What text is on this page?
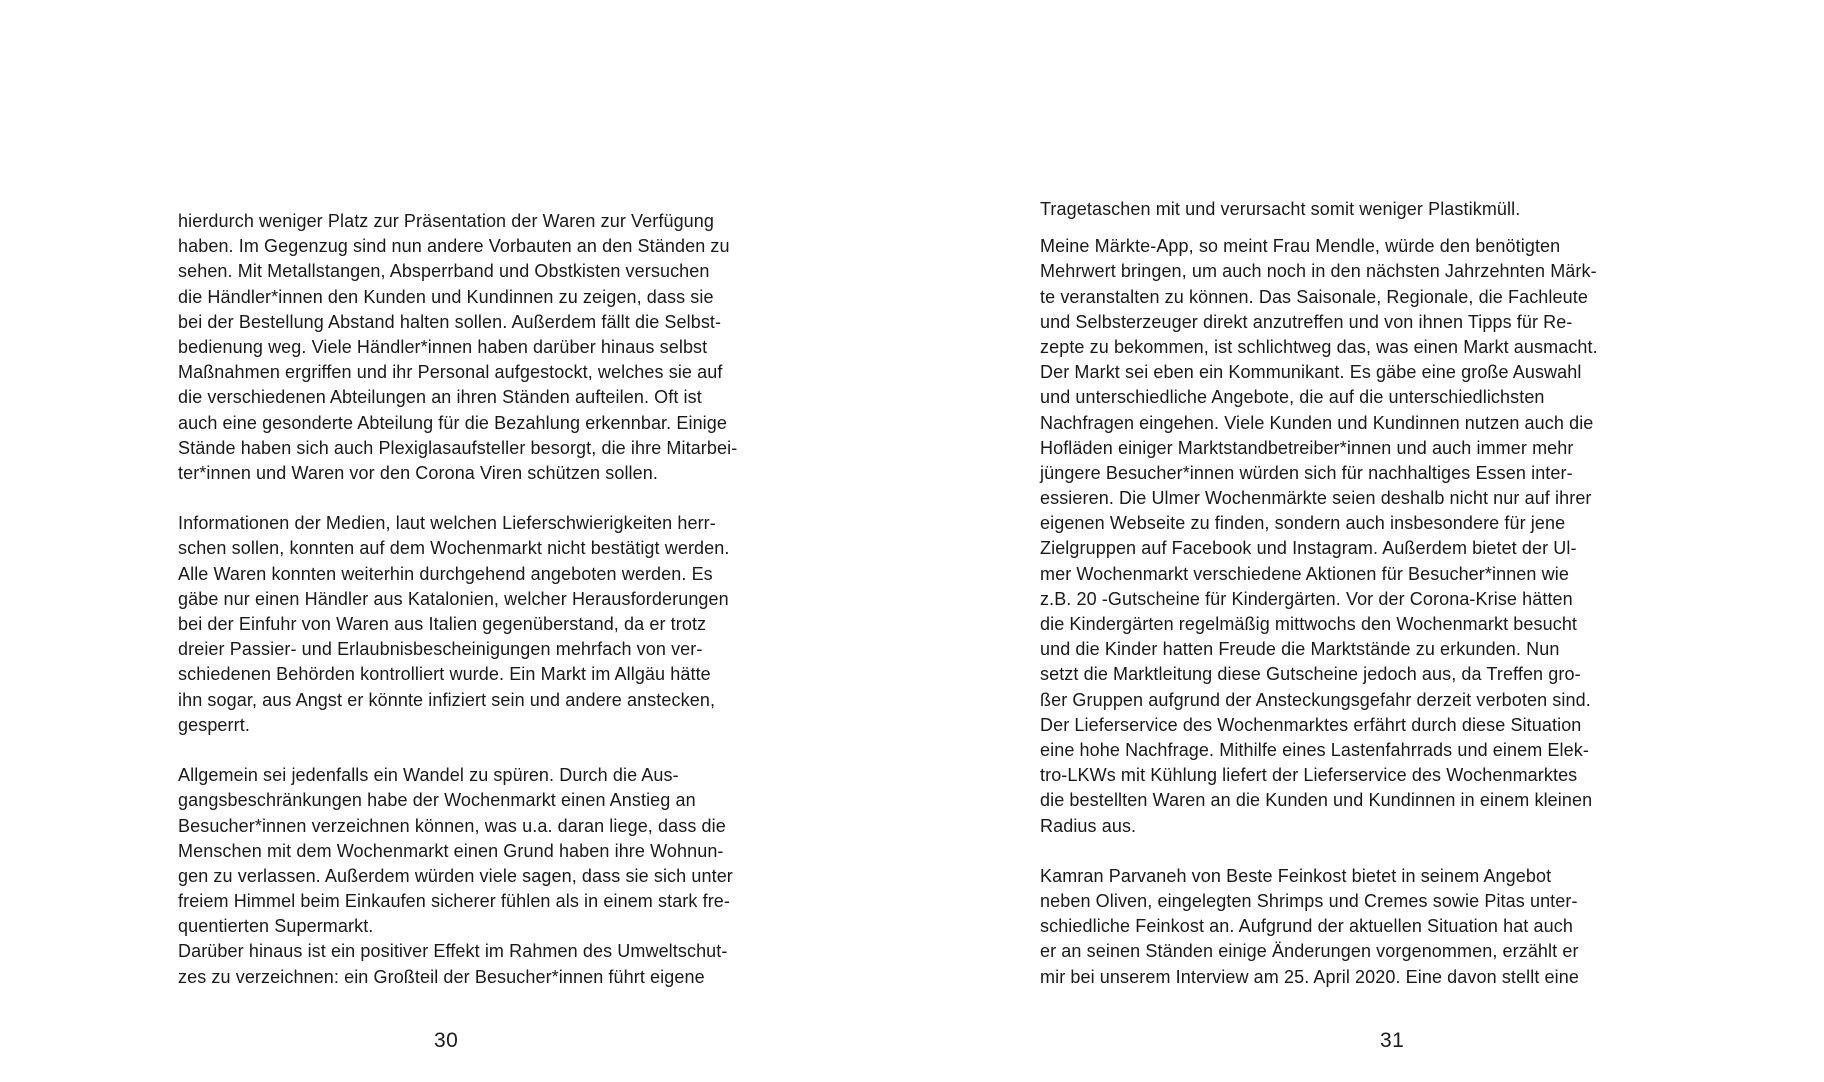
hierdurch weniger Platz zur Präsentation der Waren zur Verfügung
haben. Im Gegenzug sind nun andere Vorbauten an den Ständen zu
sehen. Mit Metallstangen, Absperrband und Obstkisten versuchen
die Händler*innen den Kunden und Kundinnen zu zeigen, dass sie
bei der Bestellung Abstand halten sollen. Außerdem fällt die Selbst-
bedienung weg. Viele Händler*innen haben darüber hinaus selbst
Maßnahmen ergriffen und ihr Personal aufgestockt, welches sie auf
die verschiedenen Abteilungen an ihren Ständen aufteilen. Oft ist
auch eine gesonderte Abteilung für die Bezahlung erkennbar. Einige
Stände haben sich auch Plexiglasaufsteller besorgt, die ihre Mitarbei-
ter*innen und Waren vor den Corona Viren schützen sollen.
Informationen der Medien, laut welchen Lieferschwierigkeiten herr-
schen sollen, konnten auf dem Wochenmarkt nicht bestätigt werden.
Alle Waren konnten weiterhin durchgehend angeboten werden. Es
gäbe nur einen Händler aus Katalonien, welcher Herausforderungen
bei der Einfuhr von Waren aus Italien gegenüberstand, da er trotz
dreier Passier- und Erlaubnisbescheinigungen mehrfach von ver-
schiedenen Behörden kontrolliert wurde. Ein Markt im Allgäu hätte
ihn sogar, aus Angst er könnte infiziert sein und andere anstecken,
gesperrt.
Allgemein sei jedenfalls ein Wandel zu spüren. Durch die Aus-
gangsbeschränkungen habe der Wochenmarkt einen Anstieg an
Besucher*innen verzeichnen können, was u.a. daran liege, dass die
Menschen mit dem Wochenmarkt einen Grund haben ihre Wohnun-
gen zu verlassen. Außerdem würden viele sagen, dass sie sich unter
freiem Himmel beim Einkaufen sicherer fühlen als in einem stark fre-
quentierten Supermarkt.
Darüber hinaus ist ein positiver Effekt im Rahmen des Umweltschut-
zes zu verzeichnen: ein Großteil der Besucher*innen führt eigene
30
Tragetaschen mit und verursacht somit weniger Plastikmüll.
Meine Märkte-App, so meint Frau Mendle, würde den benötigten
Mehrwert bringen, um auch noch in den nächsten Jahrzehnten Märk-
te veranstalten zu können. Das Saisonale, Regionale, die Fachleute
und Selbsterzeuger direkt anzutreffen und von ihnen Tipps für Re-
zepte zu bekommen, ist schlichtweg das, was einen Markt ausmacht.
Der Markt sei eben ein Kommunikant. Es gäbe eine große Auswahl
und unterschiedliche Angebote, die auf die unterschiedlichsten
Nachfragen eingehen. Viele Kunden und Kundinnen nutzen auch die
Hofläden einiger Marktstandbetreiber*innen und auch immer mehr
jüngere Besucher*innen würden sich für nachhaltiges Essen inter-
essieren. Die Ulmer Wochenmärkte seien deshalb nicht nur auf ihrer
eigenen Webseite zu finden, sondern auch insbesondere für jene
Zielgruppen auf Facebook und Instagram. Außerdem bietet der Ul-
mer Wochenmarkt verschiedene Aktionen für Besucher*innen wie
z.B. 20 -Gutscheine für Kindergärten. Vor der Corona-Krise hätten
die Kindergärten regelmäßig mittwochs den Wochenmarkt besucht
und die Kinder hatten Freude die Marktstände zu erkunden. Nun
setzt die Marktleitung diese Gutscheine jedoch aus, da Treffen gro-
ßer Gruppen aufgrund der Ansteckungsgefahr derzeit verboten sind.
Der Lieferservice des Wochenmarktes erfährt durch diese Situation
eine hohe Nachfrage. Mithilfe eines Lastenfahrrads und einem Elek-
tro-LKWs mit Kühlung liefert der Lieferservice des Wochenmarktes
die bestellten Waren an die Kunden und Kundinnen in einem kleinen
Radius aus.
Kamran Parvaneh von Beste Feinkost bietet in seinem Angebot
neben Oliven, eingelegten Shrimps und Cremes sowie Pitas unter-
schiedliche Feinkost an. Aufgrund der aktuellen Situation hat auch
er an seinen Ständen einige Änderungen vorgenommen, erzählt er
mir bei unserem Interview am 25. April 2020. Eine davon stellt eine
31
